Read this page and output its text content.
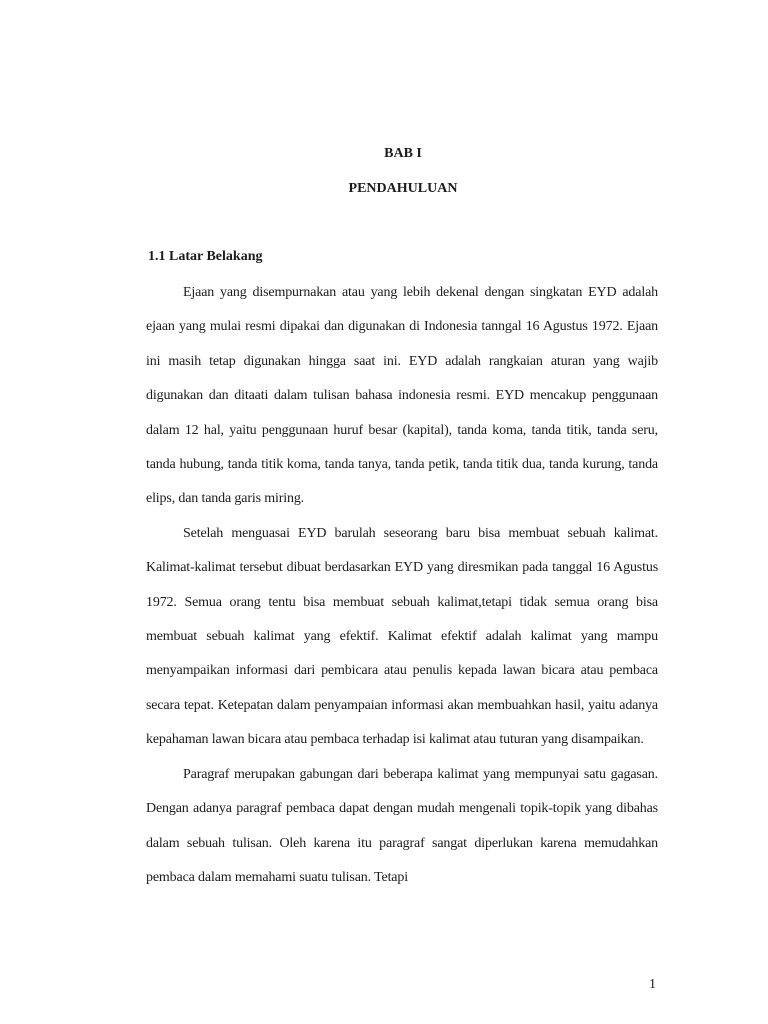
BAB I
PENDAHULUAN
1.1 Latar Belakang

Ejaan yang disempurnakan atau yang lebih dekenal dengan singkatan EYD adalah ejaan yang mulai resmi dipakai dan digunakan di Indonesia tanngal 16 Agustus 1972. Ejaan ini masih tetap digunakan hingga saat ini. EYD adalah rangkaian aturan yang wajib digunakan dan ditaati dalam tulisan bahasa indonesia resmi. EYD mencakup penggunaan dalam 12 hal, yaitu penggunaan huruf besar (kapital), tanda koma, tanda titik, tanda seru, tanda hubung, tanda titik koma, tanda tanya, tanda petik, tanda titik dua, tanda kurung, tanda elips, dan tanda garis miring.

Setelah menguasai EYD barulah seseorang baru bisa membuat sebuah kalimat. Kalimat-kalimat tersebut dibuat berdasarkan EYD yang diresmikan pada tanggal 16 Agustus 1972. Semua orang tentu bisa membuat sebuah kalimat,tetapi tidak semua orang bisa membuat sebuah kalimat yang efektif. Kalimat efektif adalah kalimat yang mampu menyampaikan informasi dari pembicara atau penulis kepada lawan bicara atau pembaca secara tepat. Ketepatan dalam penyampaian informasi akan membuahkan hasil, yaitu adanya kepahaman lawan bicara atau pembaca terhadap isi kalimat atau tuturan yang disampaikan.

Paragraf merupakan gabungan dari beberapa kalimat yang mempunyai satu gagasan. Dengan adanya paragraf pembaca dapat dengan mudah mengenali topik-topik yang dibahas dalam sebuah tulisan. Oleh karena itu paragraf sangat diperlukan karena memudahkan pembaca dalam memahami suatu tulisan. Tetapi

1
